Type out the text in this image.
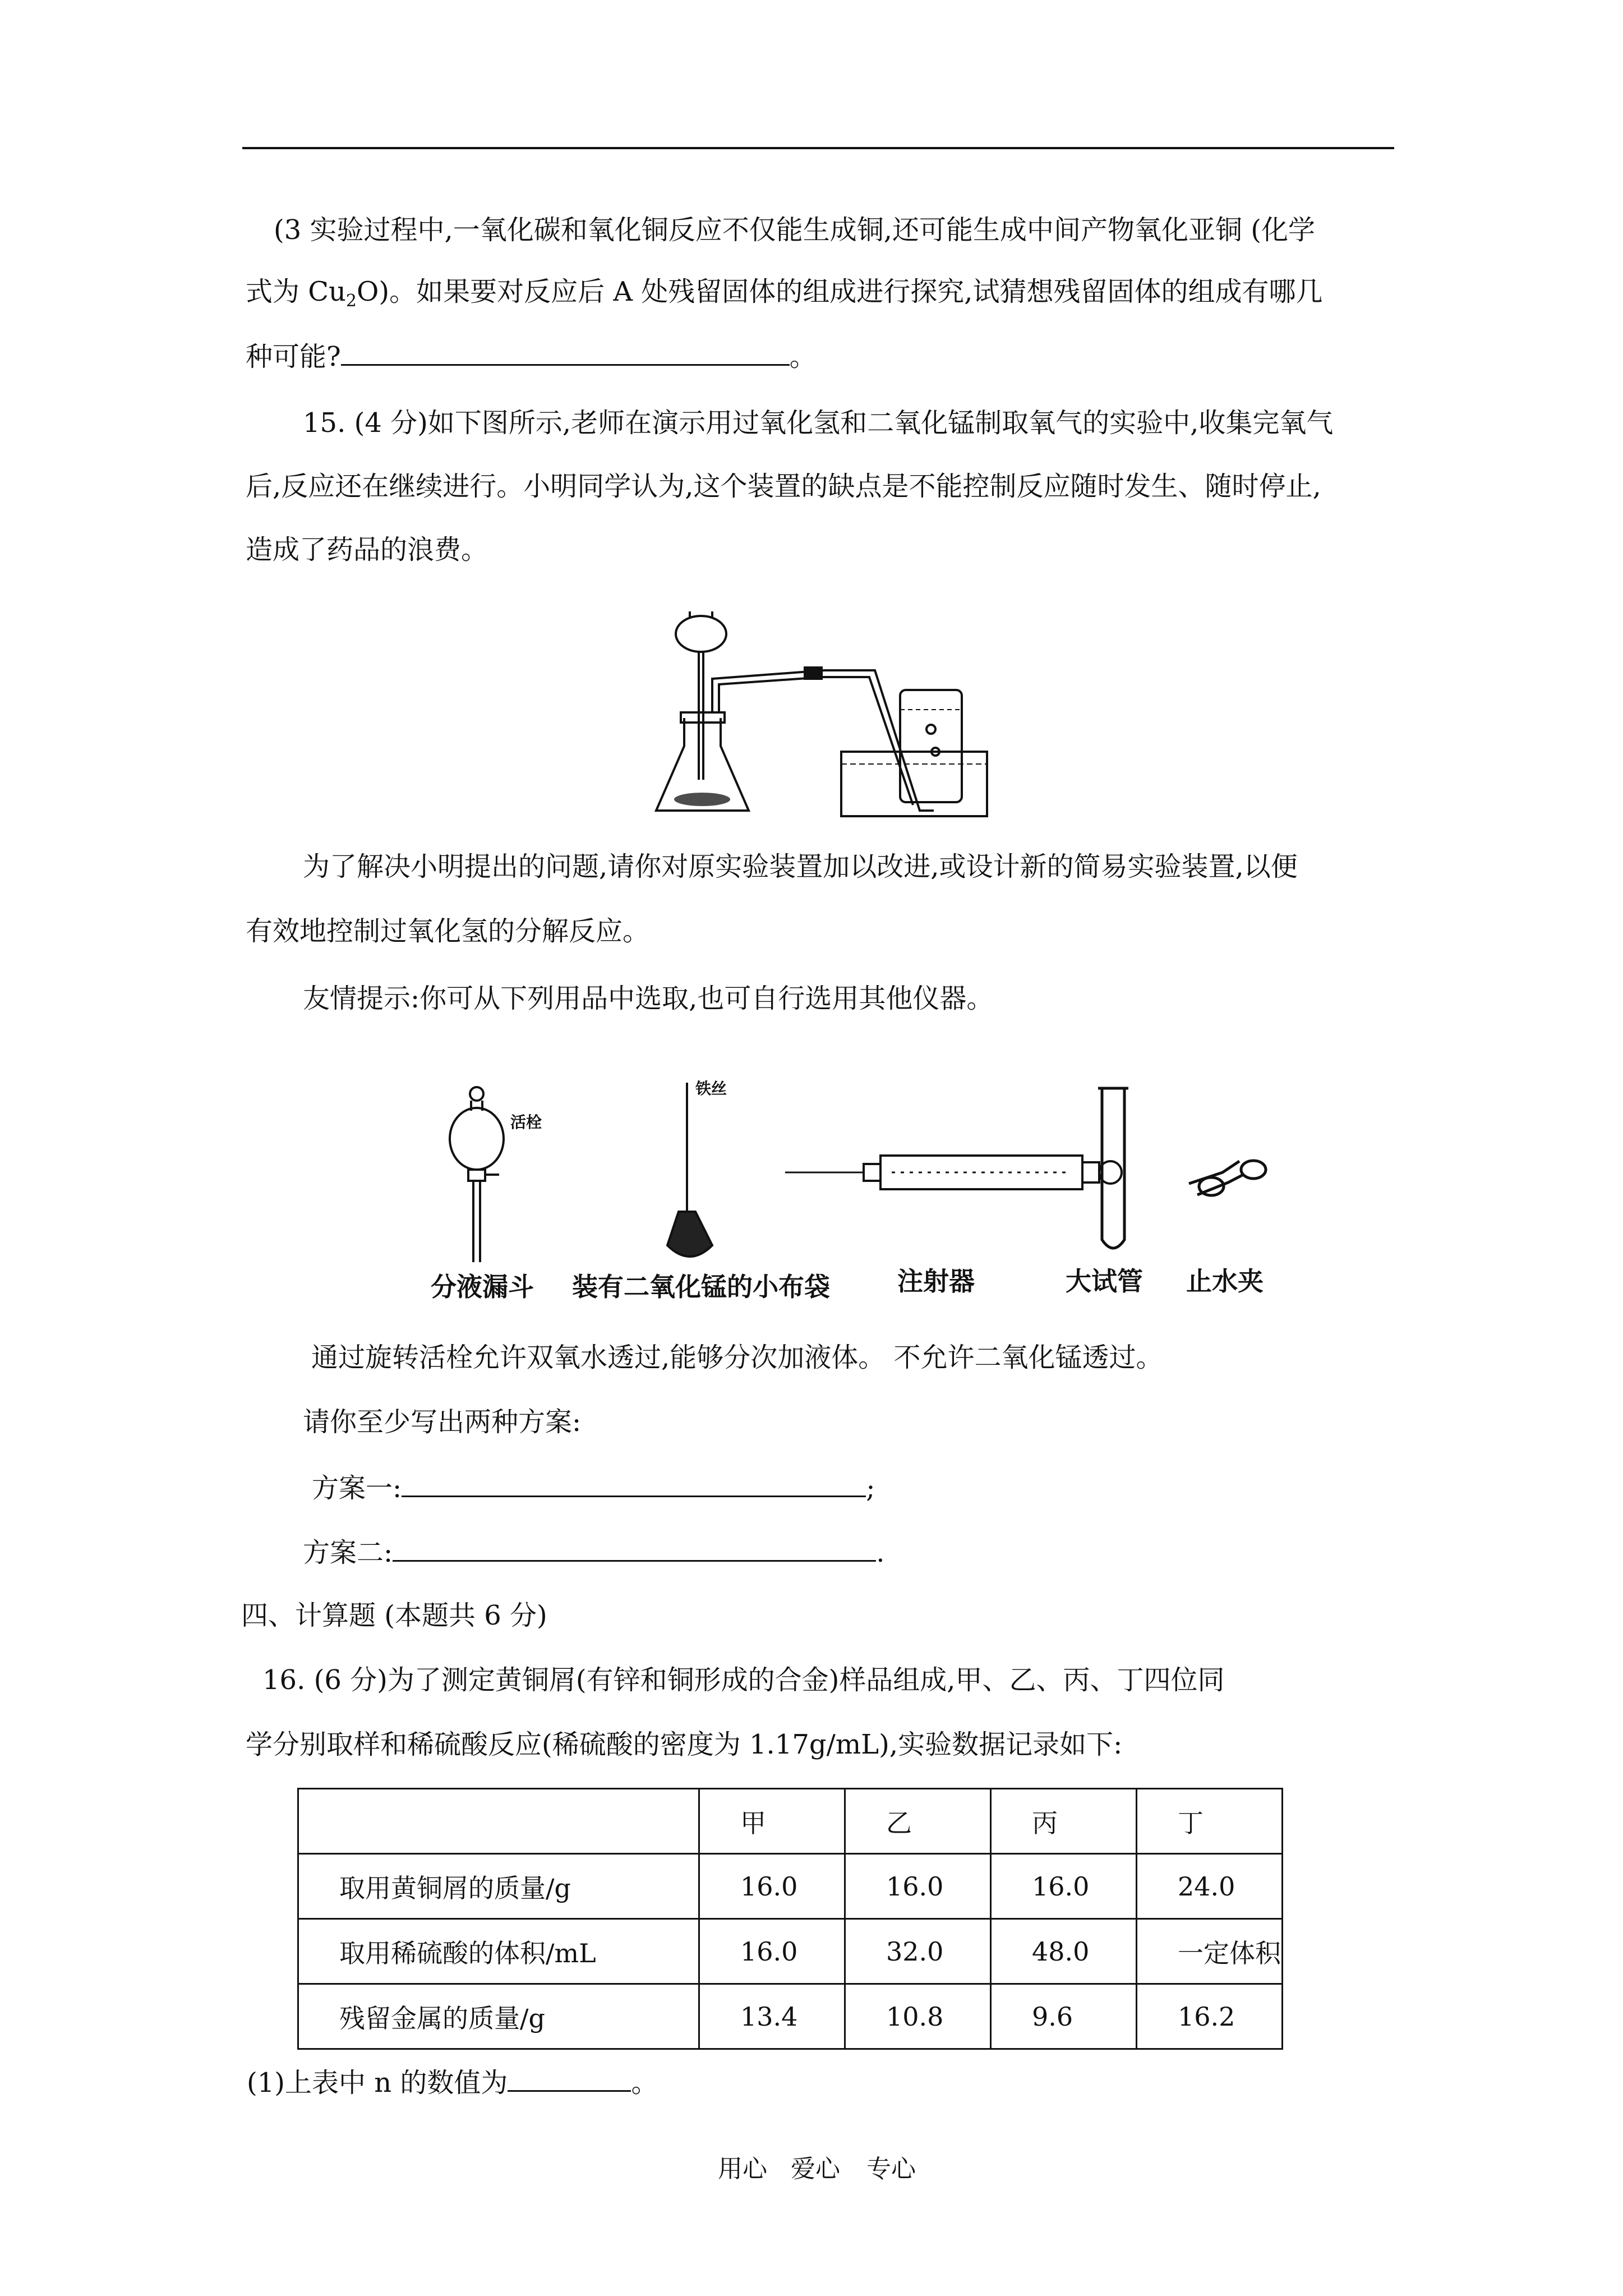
(3 实验过程中,一氧化碳和氧化铜反应不仅能生成铜,还可能生成中间产物氧化亚铜 (化学
式为 $Cu_2O$)。如果要对反应后 A 处残留固体的组成进行探究,试猜想残留固体的组成有哪几
种可能?	。
15. (4 分)如下图所示,老师在演示用过氧化氢和二氧化锰制取氧气的实验中,收集完氧气
后,反应还在继续进行。小明同学认为,这个装置的缺点是不能控制反应随时发生、随时停止,
造成了药品的浪费。
为了解决小明提出的问题,请你对原实验装置加以改进,或设计新的简易实验装置,以便
有效地控制过氧化氢的分解反应。
友情提示:你可从下列用品中选取,也可自行选用其他仪器。
活栓
分液漏斗
铁丝
装有二氧化锰的小布袋	注射器	大试管 止水夹
通过旋转活栓允许双氧水透过,能够分次加液体。 不允许二氧化锰透过。
请你至少写出两种方案:
方案一:	;
方案二:	.
四、计算题 (本题共 6 分)
16. (6 分)为了测定黄铜屑(有锌和铜形成的合金)样品组成,甲、乙、丙、丁四位同
学分别取样和稀硫酸反应(稀硫酸的密度为 1.17g/mL),实验数据记录如下:
	甲	乙	丙	丁
取用黄铜屑的质量/g	16.0	16.0	16.0	24.0
取用稀硫酸的体积/mL	16.0	32.0	48.0	一定体积
残留金属的质量/g	13.4	10.8	9.6	16.2
(1)上表中 n 的数值为	。
用心 爱心 专心
